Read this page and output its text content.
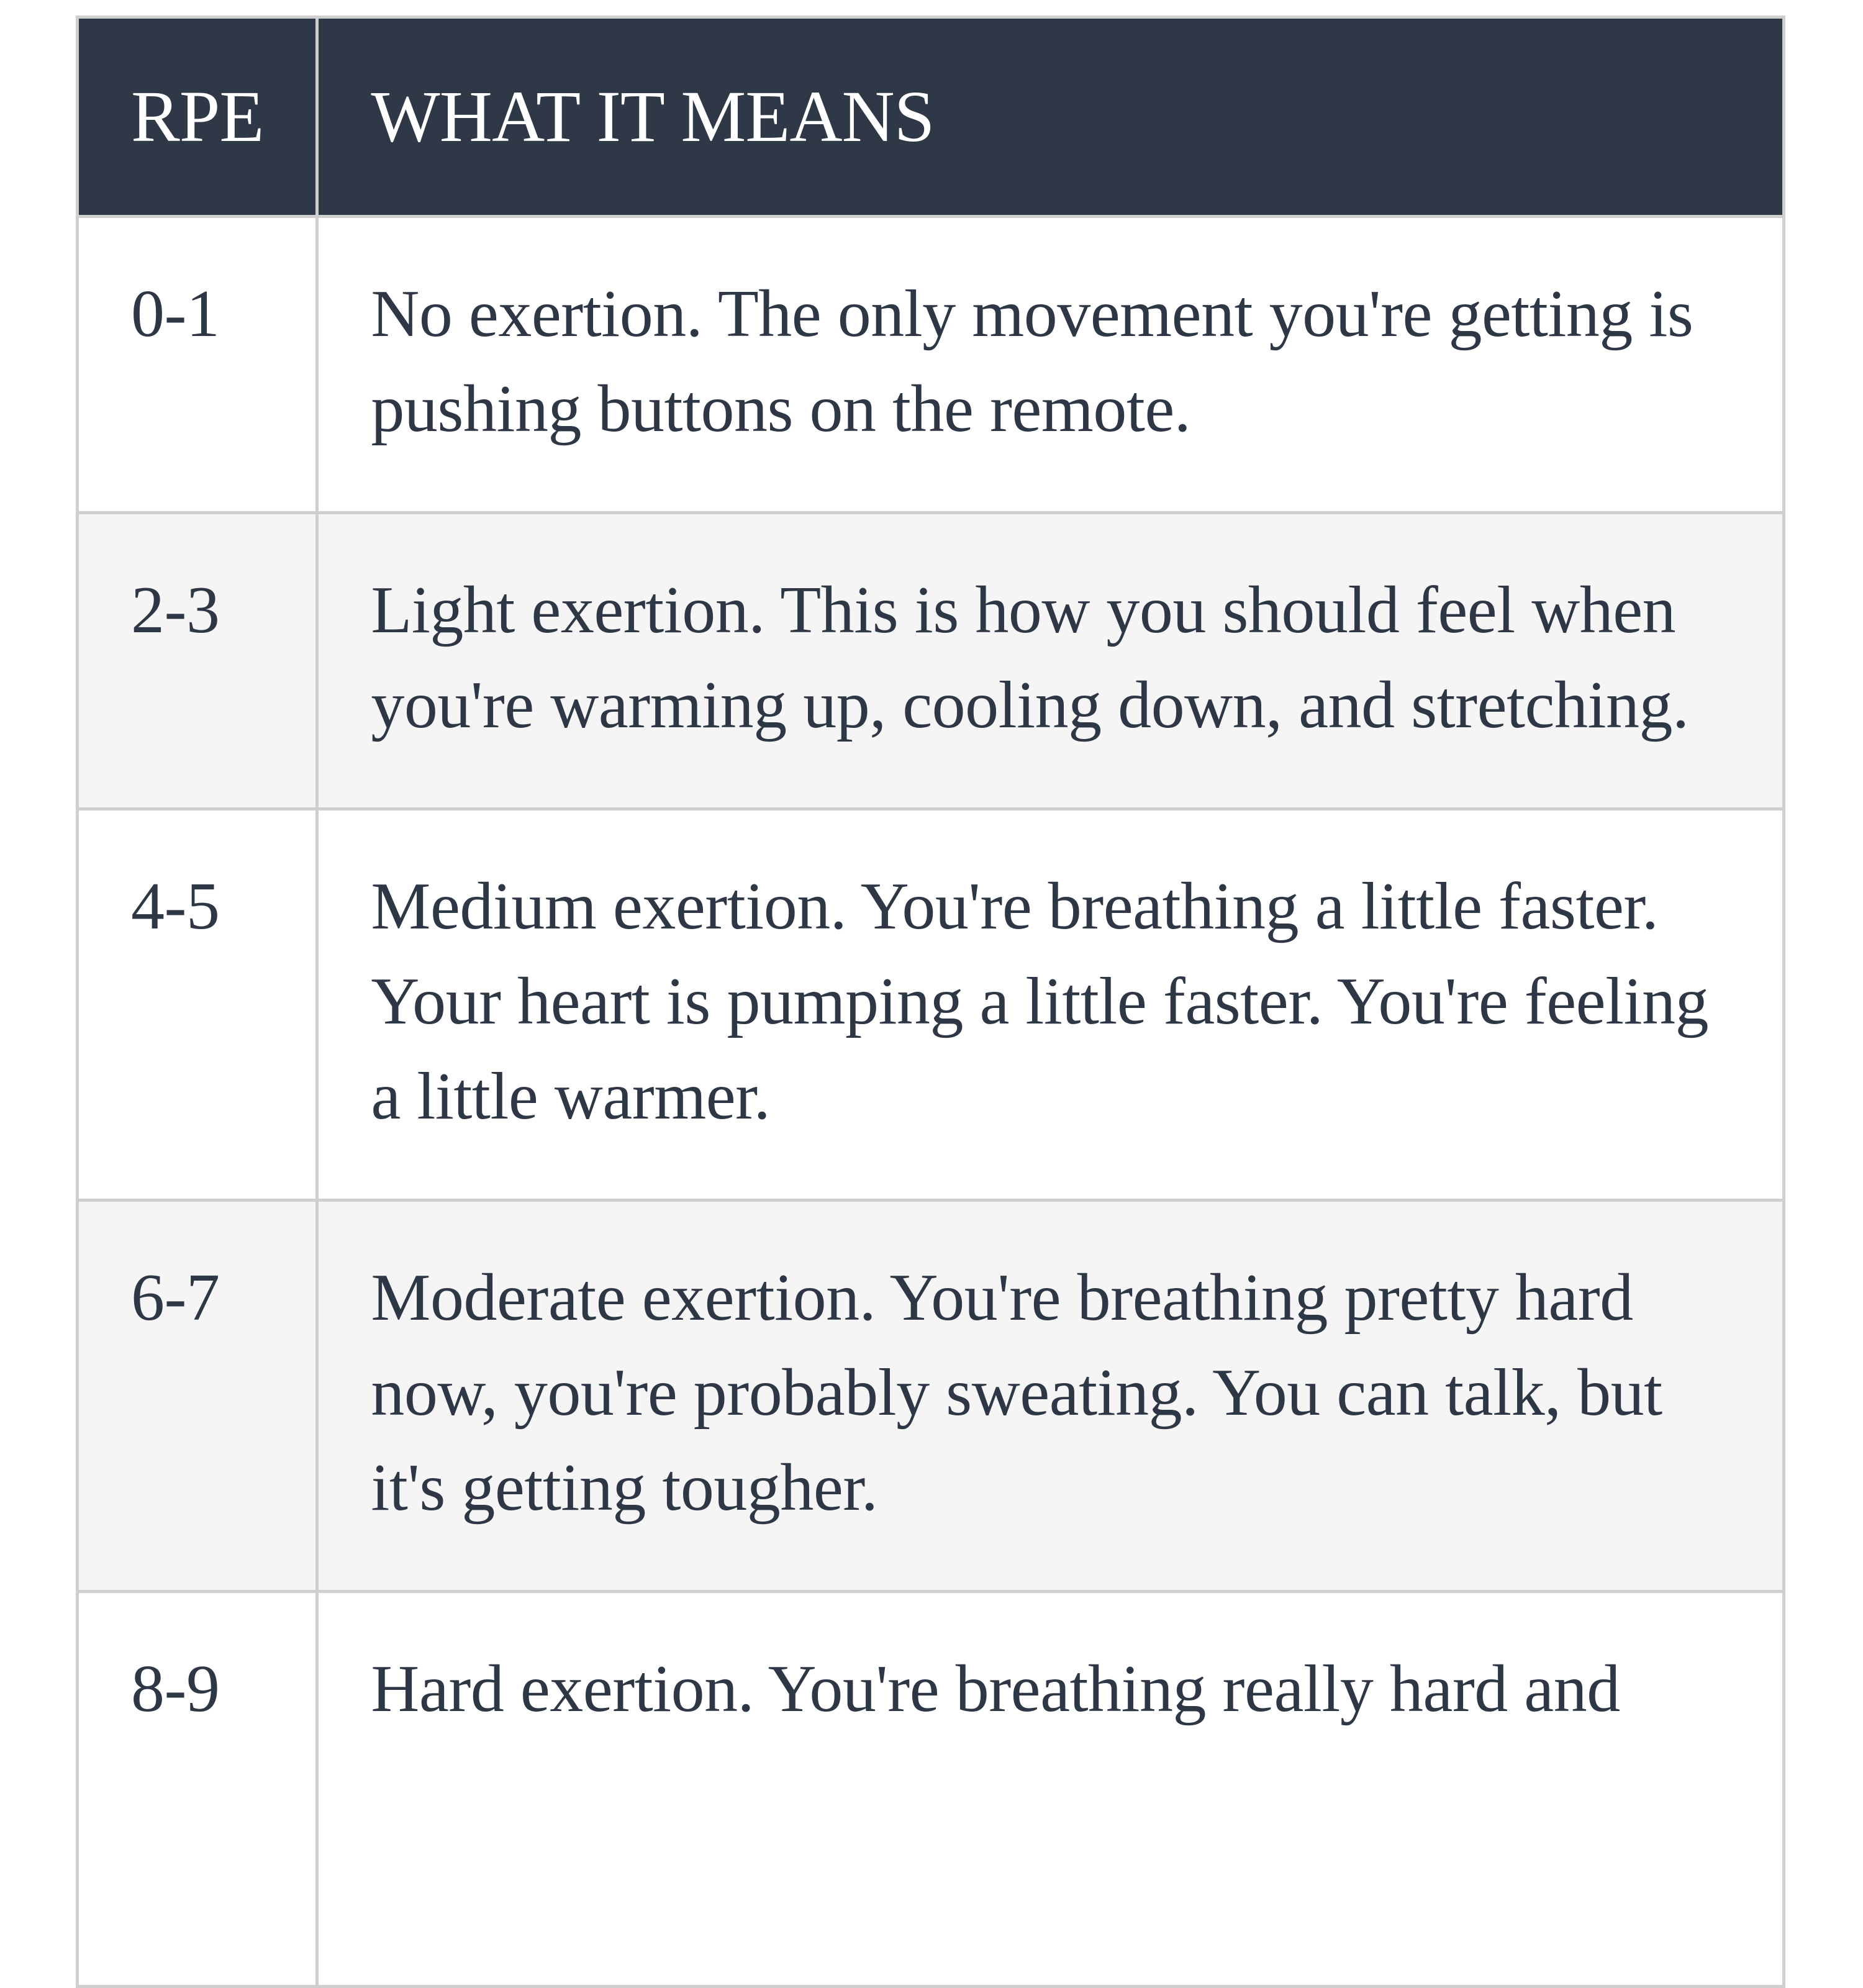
RPE	WHAT IT MEANS
0-1	No exertion. The only movement you're getting is pushing buttons on the remote.
2-3	Light exertion. This is how you should feel when you're warming up, cooling down, and stretching.
4-5	Medium exertion. You're breathing a little faster. Your heart is pumping a little faster. You're feeling a little warmer.
6-7	Moderate exertion. You're breathing pretty hard now, you're probably sweating. You can talk, but it's getting tougher.
8-9	Hard exertion. You're breathing really hard and
